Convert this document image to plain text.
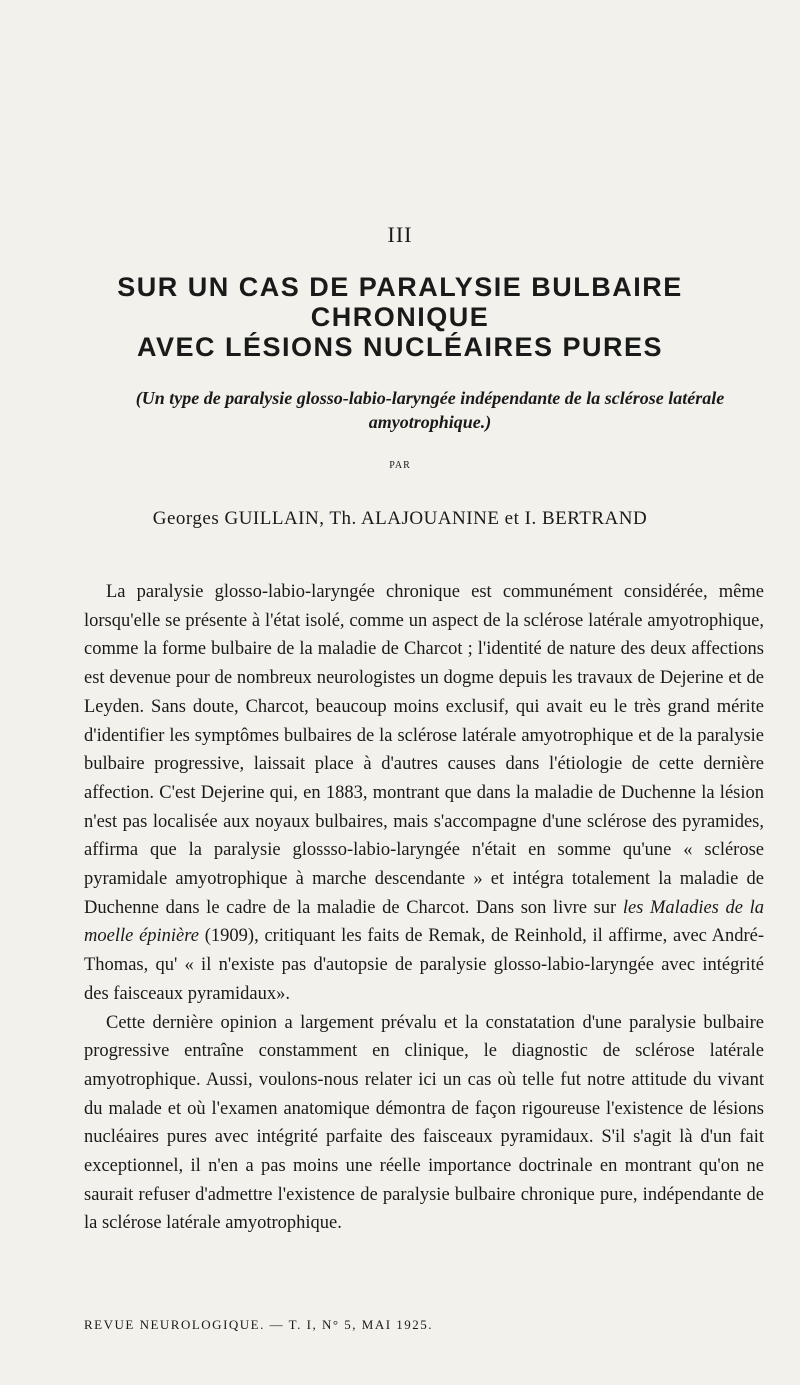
III
SUR UN CAS DE PARALYSIE BULBAIRE
CHRONIQUE
AVEC LÉSIONS NUCLÉAIRES PURES
(Un type de paralysie glosso-labio-laryngée indépendante de la sclérose latérale amyotrophique.)
PAR
Georges GUILLAIN, Th. ALAJOUANINE et I. BERTRAND

La paralysie glosso-labio-laryngée chronique est communément considérée, même lorsqu'elle se présente à l'état isolé, comme un aspect de la sclérose latérale amyotrophique, comme la forme bulbaire de la maladie de Charcot ; l'identité de nature des deux affections est devenue pour de nombreux neurologistes un dogme depuis les travaux de Dejerine et de Leyden. Sans doute, Charcot, beaucoup moins exclusif, qui avait eu le très grand mérite d'identifier les symptômes bulbaires de la sclérose latérale amyotrophique et de la paralysie bulbaire progressive, laissait place à d'autres causes dans l'étiologie de cette dernière affection. C'est Dejerine qui, en 1883, montrant que dans la maladie de Duchenne la lésion n'est pas localisée aux noyaux bulbaires, mais s'accompagne d'une sclérose des pyramides, affirma que la paralysie glossso-labio-laryngée n'était en somme qu'une « sclérose pyramidale amyotrophique à marche descendante » et intégra totalement la maladie de Duchenne dans le cadre de la maladie de Charcot. Dans son livre sur les Maladies de la moelle épinière (1909), critiquant les faits de Remak, de Reinhold, il affirme, avec André-Thomas, qu' « il n'existe pas d'autopsie de paralysie glosso-labio-laryngée avec intégrité des faisceaux pyramidaux».

Cette dernière opinion a largement prévalu et la constatation d'une paralysie bulbaire progressive entraîne constamment en clinique, le diagnostic de sclérose latérale amyotrophique. Aussi, voulons-nous relater ici un cas où telle fut notre attitude du vivant du malade et où l'examen anatomique démontra de façon rigoureuse l'existence de lésions nucléaires pures avec intégrité parfaite des faisceaux pyramidaux. S'il s'agit là d'un fait exceptionnel, il n'en a pas moins une réelle importance doctrinale en montrant qu'on ne saurait refuser d'admettre l'existence de paralysie bulbaire chronique pure, indépendante de la sclérose latérale amyotrophique.

REVUE NEUROLOGIQUE. — T. I, N° 5, MAI 1925.
